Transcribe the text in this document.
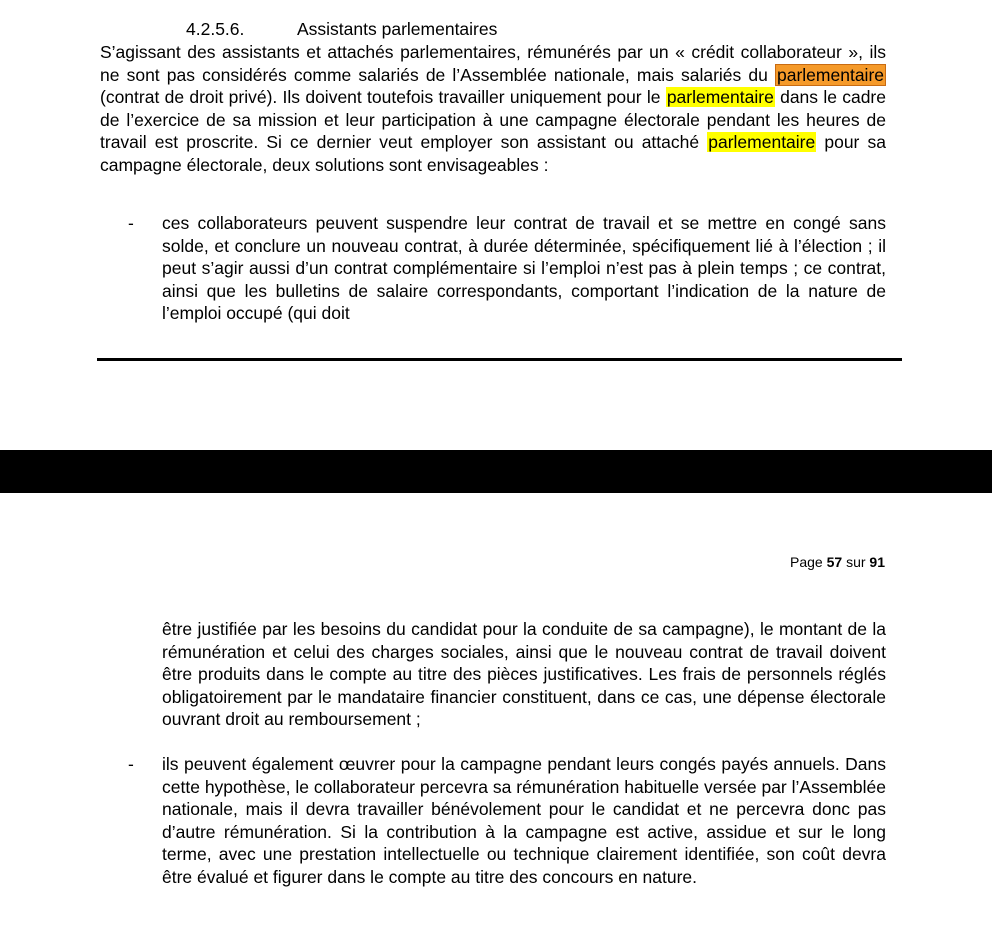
4.2.5.6.	Assistants parlementaires
S’agissant des assistants et attachés parlementaires, rémunérés par un « crédit collaborateur », ils ne sont pas considérés comme salariés de l’Assemblée nationale, mais salariés du parlementaire (contrat de droit privé). Ils doivent toutefois travailler uniquement pour le parlementaire dans le cadre de l’exercice de sa mission et leur participation à une campagne électorale pendant les heures de travail est proscrite. Si ce dernier veut employer son assistant ou attaché parlementaire pour sa campagne électorale, deux solutions sont envisageables :
-	ces collaborateurs peuvent suspendre leur contrat de travail et se mettre en congé sans solde, et conclure un nouveau contrat, à durée déterminée, spécifiquement lié à l’élection ; il peut s’agir aussi d’un contrat complémentaire si l’emploi n’est pas à plein temps ; ce contrat, ainsi que les bulletins de salaire correspondants, comportant l’indication de la nature de l’emploi occupé (qui doit
Page 57 sur 91
être justifiée par les besoins du candidat pour la conduite de sa campagne), le montant de la rémunération et celui des charges sociales, ainsi que le nouveau contrat de travail doivent être produits dans le compte au titre des pièces justificatives. Les frais de personnels réglés obligatoirement par le mandataire financier constituent, dans ce cas, une dépense électorale ouvrant droit au remboursement ;
-	ils peuvent également œuvrer pour la campagne pendant leurs congés payés annuels. Dans cette hypothèse, le collaborateur percevra sa rémunération habituelle versée par l’Assemblée nationale, mais il devra travailler bénévolement pour le candidat et ne percevra donc pas d’autre rémunération. Si la contribution à la campagne est active, assidue et sur le long terme, avec une prestation intellectuelle ou technique clairement identifiée, son coût devra être évalué et figurer dans le compte au titre des concours en nature.
